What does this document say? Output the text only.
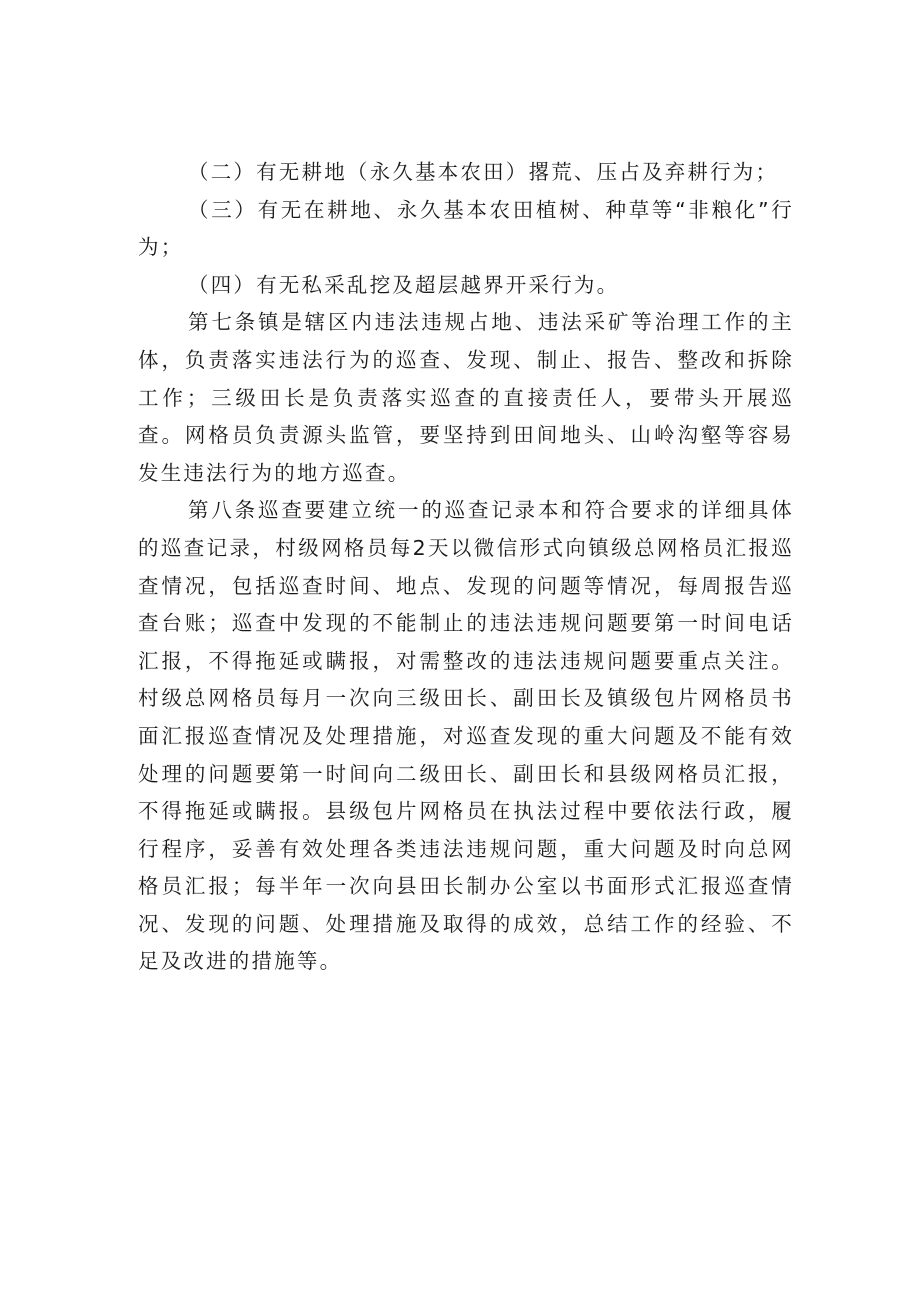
（二）有无耕地（永久基本农田）撂荒、压占及弃耕行为；

（三）有无在耕地、永久基本农田植树、种草等“非粮化”行为；

（四）有无私采乱挖及超层越界开采行为。

第七条镇是辖区内违法违规占地、违法采矿等治理工作的主体，负责落实违法行为的巡查、发现、制止、报告、整改和拆除工作；三级田长是负责落实巡查的直接责任人，要带头开展巡查。网格员负责源头监管，要坚持到田间地头、山岭沟壑等容易发生违法行为的地方巡查。

第八条巡查要建立统一的巡查记录本和符合要求的详细具体的巡查记录，村级网格员每2天以微信形式向镇级总网格员汇报巡查情况，包括巡查时间、地点、发现的问题等情况，每周报告巡查台账；巡查中发现的不能制止的违法违规问题要第一时间电话汇报，不得拖延或瞒报，对需整改的违法违规问题要重点关注。村级总网格员每月一次向三级田长、副田长及镇级包片网格员书面汇报巡查情况及处理措施，对巡查发现的重大问题及不能有效处理的问题要第一时间向二级田长、副田长和县级网格员汇报，不得拖延或瞒报。县级包片网格员在执法过程中要依法行政，履行程序，妥善有效处理各类违法违规问题，重大问题及时向总网格员汇报；每半年一次向县田长制办公室以书面形式汇报巡查情况、发现的问题、处理措施及取得的成效，总结工作的经验、不足及改进的措施等。
